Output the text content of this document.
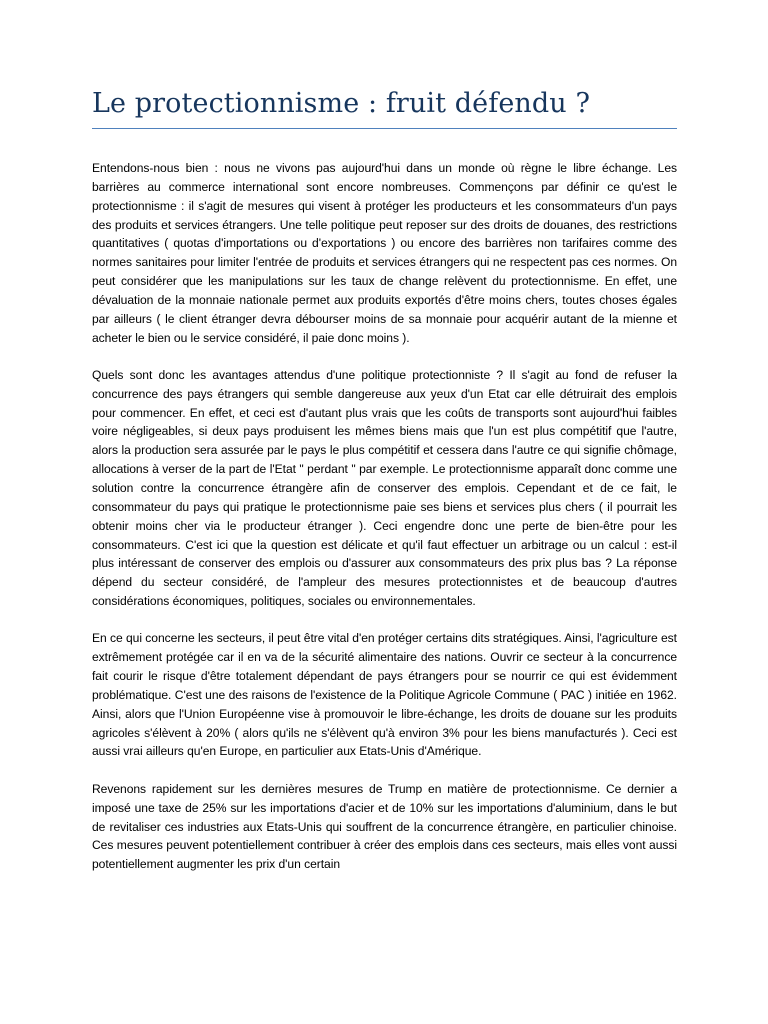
Le protectionnisme : fruit défendu ?

Entendons-nous bien : nous ne vivons pas aujourd'hui dans un monde où règne le libre échange. Les barrières au commerce international sont encore nombreuses. Commençons par définir ce qu'est le protectionnisme : il s'agit de mesures qui visent à protéger les producteurs et les consommateurs d'un pays des produits et services étrangers. Une telle politique peut reposer sur des droits de douanes, des restrictions quantitatives ( quotas d'importations ou d'exportations ) ou encore des barrières non tarifaires comme des normes sanitaires pour limiter l'entrée de produits et services étrangers qui ne respectent pas ces normes. On peut considérer que les manipulations sur les taux de change relèvent du protectionnisme. En effet, une dévaluation de la monnaie nationale permet aux produits exportés d'être moins chers, toutes choses égales par ailleurs ( le client étranger devra débourser moins de sa monnaie pour acquérir autant de la mienne et acheter le bien ou le service considéré, il paie donc moins ).

Quels sont donc les avantages attendus d'une politique protectionniste ? Il s'agit au fond de refuser la concurrence des pays étrangers qui semble dangereuse aux yeux d'un Etat car elle détruirait des emplois pour commencer. En effet, et ceci est d'autant plus vrais que les coûts de transports sont aujourd'hui faibles voire négligeables, si deux pays produisent les mêmes biens mais que l'un est plus compétitif que l'autre, alors la production sera assurée par le pays le plus compétitif et cessera dans l'autre ce qui signifie chômage, allocations à verser de la part de l'Etat " perdant " par exemple. Le protectionnisme apparaît donc comme une solution contre la concurrence étrangère afin de conserver des emplois. Cependant et de ce fait, le consommateur du pays qui pratique le protectionnisme paie ses biens et services plus chers ( il pourrait les obtenir moins cher via le producteur étranger ). Ceci engendre donc une perte de bien-être pour les consommateurs. C'est ici que la question est délicate et qu'il faut effectuer un arbitrage ou un calcul : est-il plus intéressant de conserver des emplois ou d'assurer aux consommateurs des prix plus bas ? La réponse dépend du secteur considéré, de l'ampleur des mesures protectionnistes et de beaucoup d'autres considérations économiques, politiques, sociales ou environnementales.

En ce qui concerne les secteurs, il peut être vital d'en protéger certains dits stratégiques. Ainsi, l'agriculture est extrêmement protégée car il en va de la sécurité alimentaire des nations. Ouvrir ce secteur à la concurrence fait courir le risque d'être totalement dépendant de pays étrangers pour se nourrir ce qui est évidemment problématique. C'est une des raisons de l'existence de la Politique Agricole Commune ( PAC ) initiée en 1962. Ainsi, alors que l'Union Européenne vise à promouvoir le libre-échange, les droits de douane sur les produits agricoles s'élèvent à 20% ( alors qu'ils ne s'élèvent qu'à environ 3% pour les biens manufacturés ). Ceci est aussi vrai ailleurs qu'en Europe, en particulier aux Etats-Unis d'Amérique.

Revenons rapidement sur les dernières mesures de Trump en matière de protectionnisme. Ce dernier a imposé une taxe de 25% sur les importations d'acier et de 10% sur les importations d'aluminium, dans le but de revitaliser ces industries aux Etats-Unis qui souffrent de la concurrence étrangère, en particulier chinoise. Ces mesures peuvent potentiellement contribuer à créer des emplois dans ces secteurs, mais elles vont aussi potentiellement augmenter les prix d'un certain
